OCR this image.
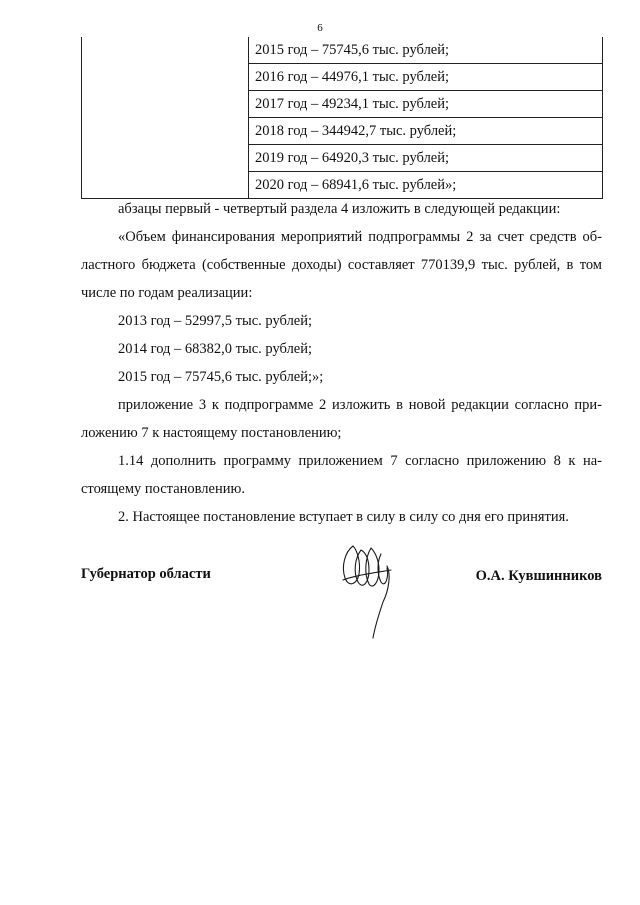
6
	2015 год – 75745,6 тыс. рублей;
2016 год – 44976,1 тыс. рублей;
2017 год – 49234,1 тыс. рублей;
2018 год – 344942,7 тыс. рублей;
2019 год – 64920,3 тыс. рублей;
2020 год – 68941,6 тыс. рублей»;

абзацы первый - четвертый раздела 4 изложить в следующей редакции:

«Объем финансирования мероприятий подпрограммы 2 за счет средств об-
ластного бюджета (собственные доходы) составляет 770139,9 тыс. рублей, в том
числе по годам реализации:

2013 год – 52997,5 тыс. рублей;

2014 год – 68382,0 тыс. рублей;

2015 год – 75745,6 тыс. рублей;»;

приложение 3 к подпрограмме 2 изложить в новой редакции согласно при-
ложению 7 к настоящему постановлению;
1.14 дополнить программу приложением 7 согласно приложению 8 к на-
стоящему постановлению.

2. Настоящее постановление вступает в силу в силу со дня его принятия.

Губернатор области	О.А. Кувшинников
